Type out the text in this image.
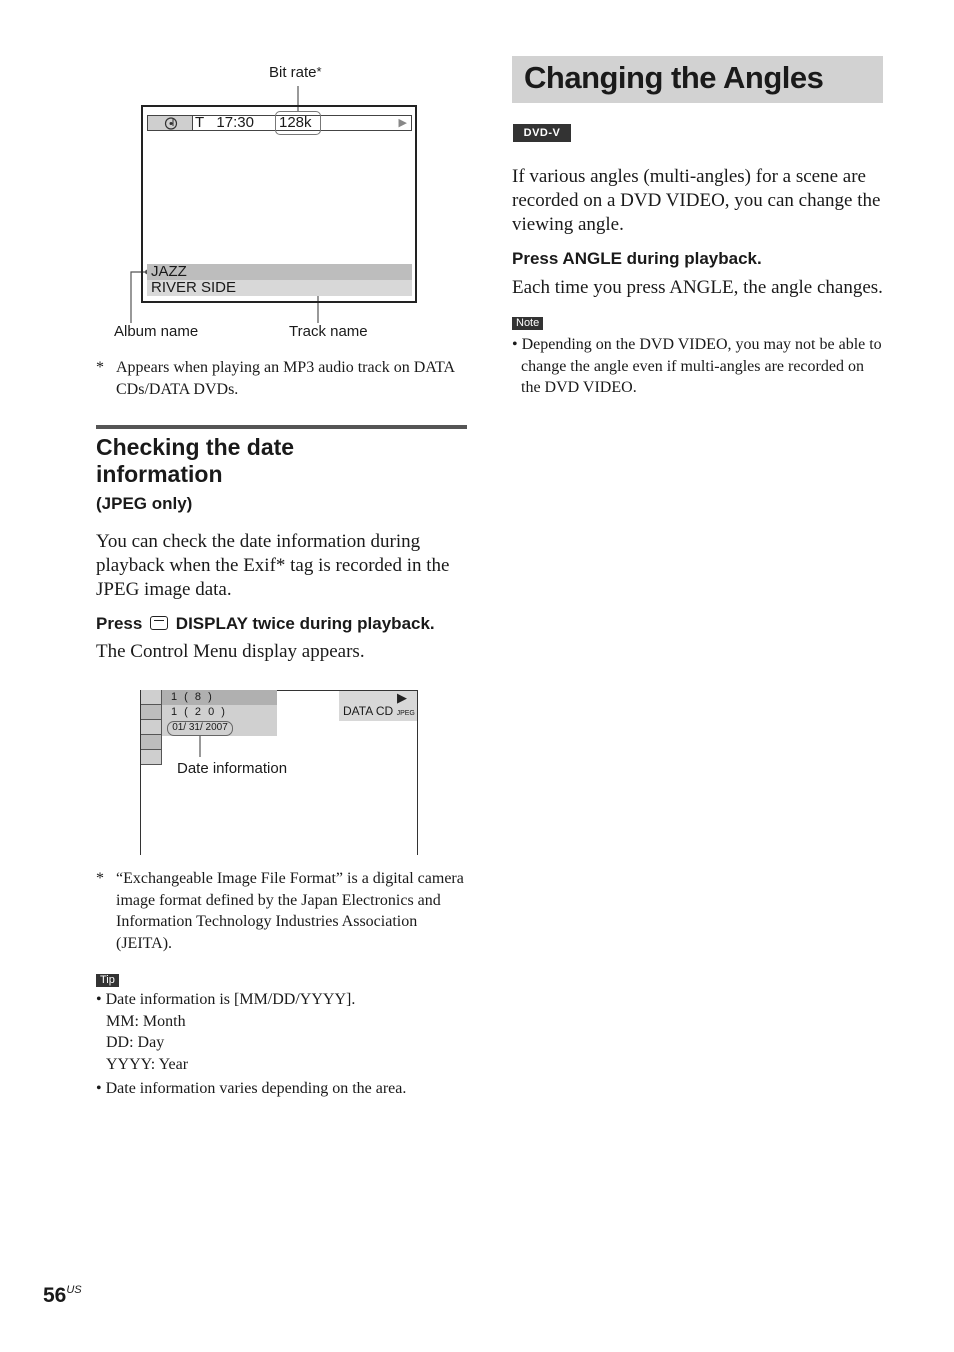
Bit rate*
T   17:30	▶
128k
JAZZ
RIVER SIDE
Album name	Track name
* Appears when playing an MP3 audio track on DATA CDs/DATA DVDs.
Checking the date
information
(JPEG only)
You can check the date information during playback when the Exif* tag is recorded in the JPEG image data.
Press DISPLAY twice during playback.
The Control Menu display appears.
1 ( 8 )
1 ( 2 0 )
01/ 31/ 2007
▶
DATA CD JPEG
Date information
* “Exchangeable Image File Format” is a digital camera image format defined by the Japan Electronics and Information Technology Industries Association (JEITA).
Tip
• Date information is [MM/DD/YYYY].
MM: Month
DD: Day
YYYY: Year
• Date information varies depending on the area.
Changing the Angles
DVD-V
If various angles (multi-angles) for a scene are recorded on a DVD VIDEO, you can change the viewing angle.
Press ANGLE during playback.
Each time you press ANGLE, the angle changes.
Note
• Depending on the DVD VIDEO, you may not be able to change the angle even if multi-angles are recorded on the DVD VIDEO.
$56^{US}$
